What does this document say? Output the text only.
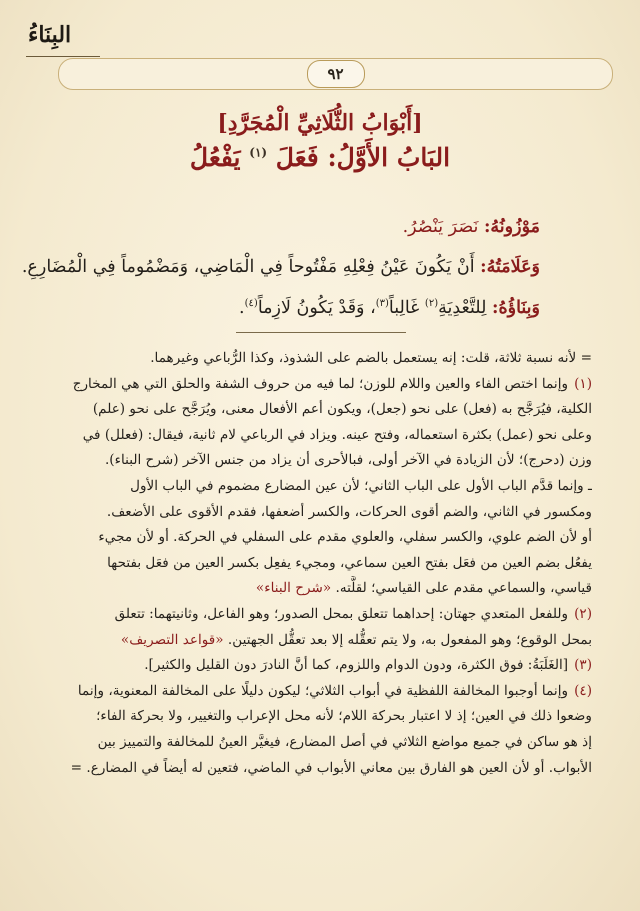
البِنَاءُ
٩٢
[أَبْوَابُ الثُّلَاثِيِّ الْمُجَرَّدِ]
البَابُ الأَوَّلُ: فَعَلَ $^{(١)}$ يَفْعُلُ
مَوْزُونُهُ: نَصَرَ يَنْصُرُ.
وَعَلَامَتُهُ: أَنْ يَكُونَ عَيْنُ فِعْلِهِ مَفْتُوحاً فِي الْمَاضِي، وَمَضْمُوماً فِي الْمُضَارِعِ.
وَبِنَاؤُهُ: لِلتَّعْدِيَةِ$^{(٢)}$ غَالِباً$^{(٣)}$، وَقَدْ يَكُونُ لَازِماً$^{(٤)}$.
= لأنه نسبة ثلاثة، قلت: إنه يستعمل بالضم على الشذوذ، وكذا الرُّباعي وغيرهما.
(١)وإنما اختص الفاء والعين واللام للوزن؛ لما فيه من حروف الشفة والحلق التي هي المخارج
الكلية، فيُرَجَّح به (فعل) على نحو (جعل)، ويكون أعم الأفعال معنى، ويُرَجَّح على نحو (علم)
وعلى نحو (عمل) بكثرة استعماله، وفتح عينه. ويزاد في الرباعي لام ثانية، فيقال: (فعلل) في
وزن (دحرج)؛ لأن الزيادة في الآخر أولى، فبالأحرى أن يزاد من جنس الآخر (شرح البناء).
ـ وإنما قدَّم الباب الأول على الباب الثاني؛ لأن عين المضارع مضموم في الباب الأول
ومكسور في الثاني، والضم أقوى الحركات، والكسر أضعفها، فقدم الأقوى على الأضعف.
أو لأن الضم علوي، والكسر سفلي، والعلوي مقدم على السفلي في الحركة. أو لأن مجيء
يفعُل بضم العين من فعَل بفتح العين سماعي، ومجيء يفعِل بكسر العين من فعَل بفتحها
قياسي، والسماعي مقدم على القياسي؛ لقلَّته. «شرح البناء»
(٢)وللفعل المتعدي جهتان: إحداهما تتعلق بمحل الصدور؛ وهو الفاعل، وثانيتهما: تتعلق
بمحل الوقوع؛ وهو المفعول به، ولا يتم تعقُّله إلا بعد تعقُّل الجهتين. «قواعد التصريف»
(٣)[الغَلَبَةُ: فوق الكثرة، ودون الدوام واللزوم، كما أنَّ النادرَ دون القليل والكثير].
(٤)وإنما أوجبوا المخالفة اللفظية في أبواب الثلاثي؛ ليكون دليلًا على المخالفة المعنوية، وإنما
وضعوا ذلك في العين؛ إذ لا اعتبار بحركة اللام؛ لأنه محل الإعراب والتغيير، ولا بحركة الفاء؛
إذ هو ساكن في جميع مواضع الثلاثي في أصل المضارع، فيغيَّر العينُ للمخالفة والتمييز بين
الأبواب. أو لأن العين هو الفارق بين معاني الأبواب في الماضي، فتعين له أيضاً في المضارع. =
